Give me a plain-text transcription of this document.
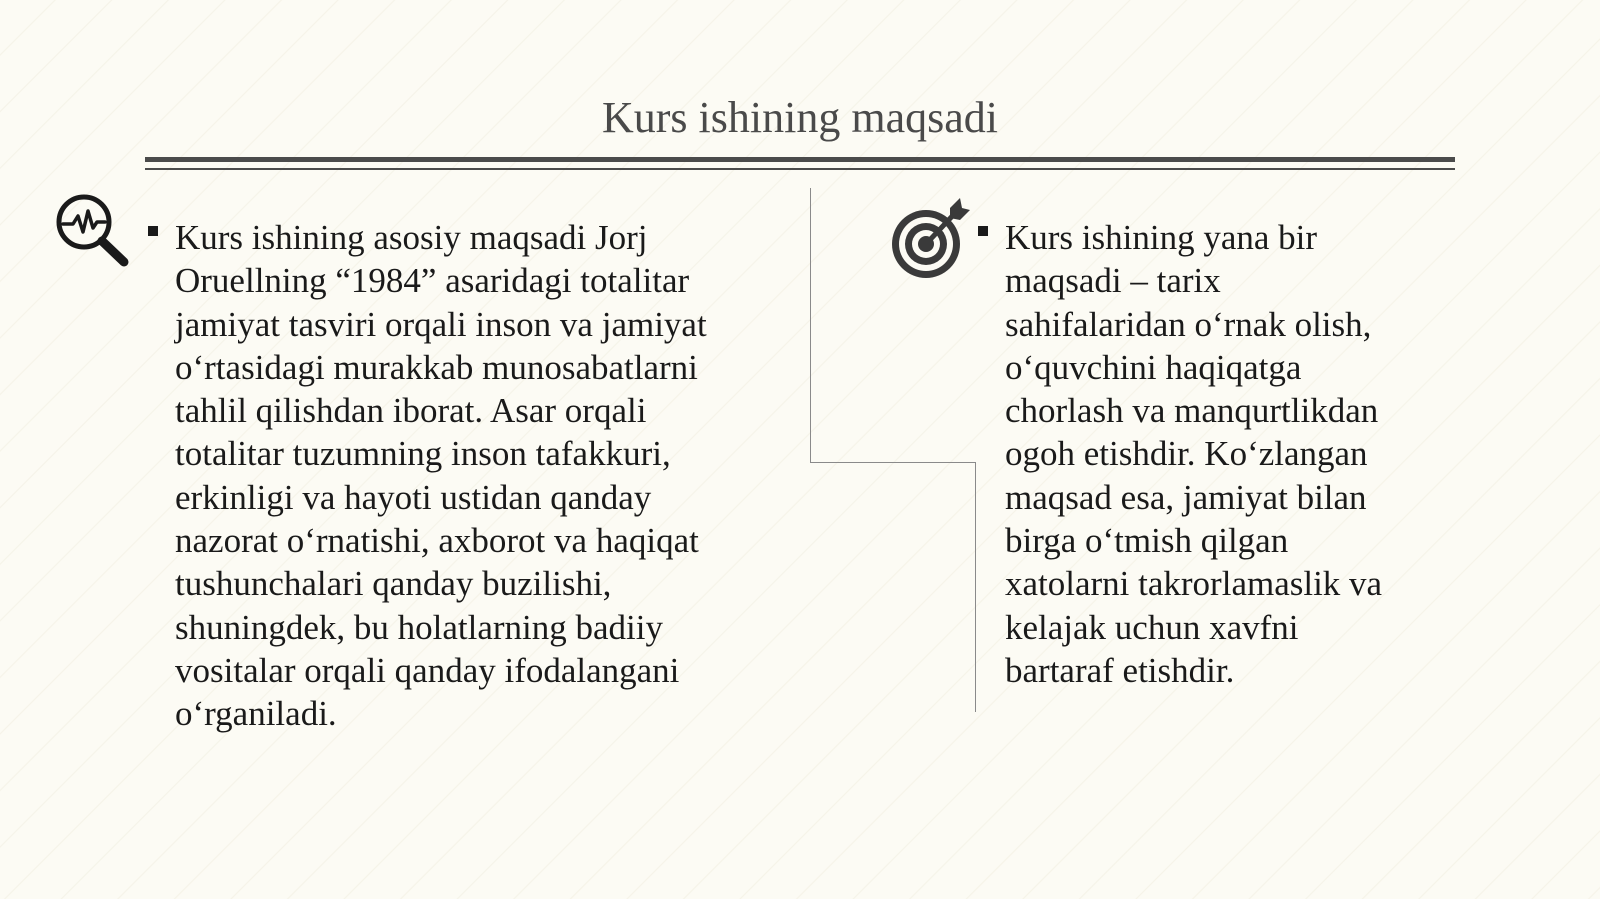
Kurs ishining maqsadi
Kurs ishining asosiy maqsadi Jorj
Oruellning “1984” asaridagi totalitar
jamiyat tasviri orqali inson va jamiyat
o‘rtasidagi murakkab munosabatlarni
tahlil qilishdan iborat. Asar orqali
totalitar tuzumning inson tafakkuri,
erkinligi va hayoti ustidan qanday
nazorat o‘rnatishi, axborot va haqiqat
tushunchalari qanday buzilishi,
shuningdek, bu holatlarning badiiy
vositalar orqali qanday ifodalangani
o‘rganiladi.
Kurs ishining yana bir
maqsadi – tarix
sahifalaridan o‘rnak olish,
o‘quvchini haqiqatga
chorlash va manqurtlikdan
ogoh etishdir. Ko‘zlangan
maqsad esa, jamiyat bilan
birga o‘tmish qilgan
xatolarni takrorlamaslik va
kelajak uchun xavfni
bartaraf etishdir.
